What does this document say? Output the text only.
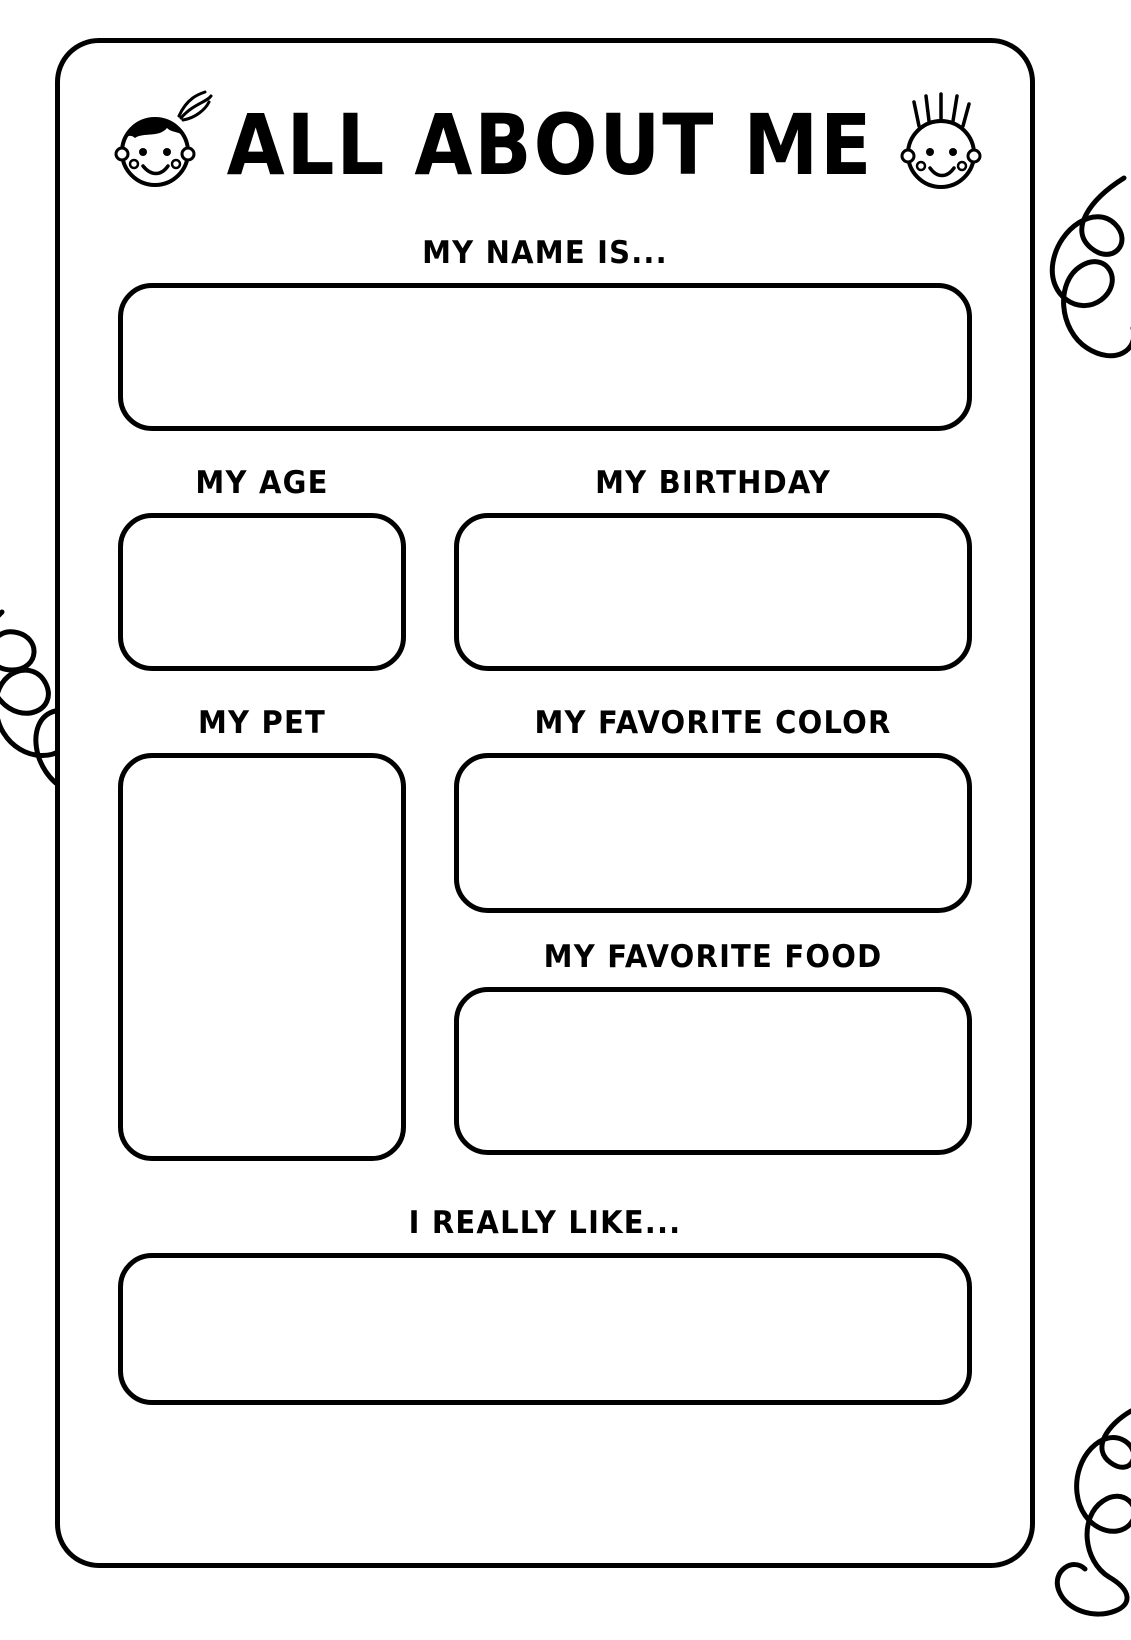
ALL ABOUT ME
MY NAME IS...
MY AGE	MY BIRTHDAY
MY PET	MY FAVORITE COLOR
MY FAVORITE FOOD
I REALLY LIKE...
